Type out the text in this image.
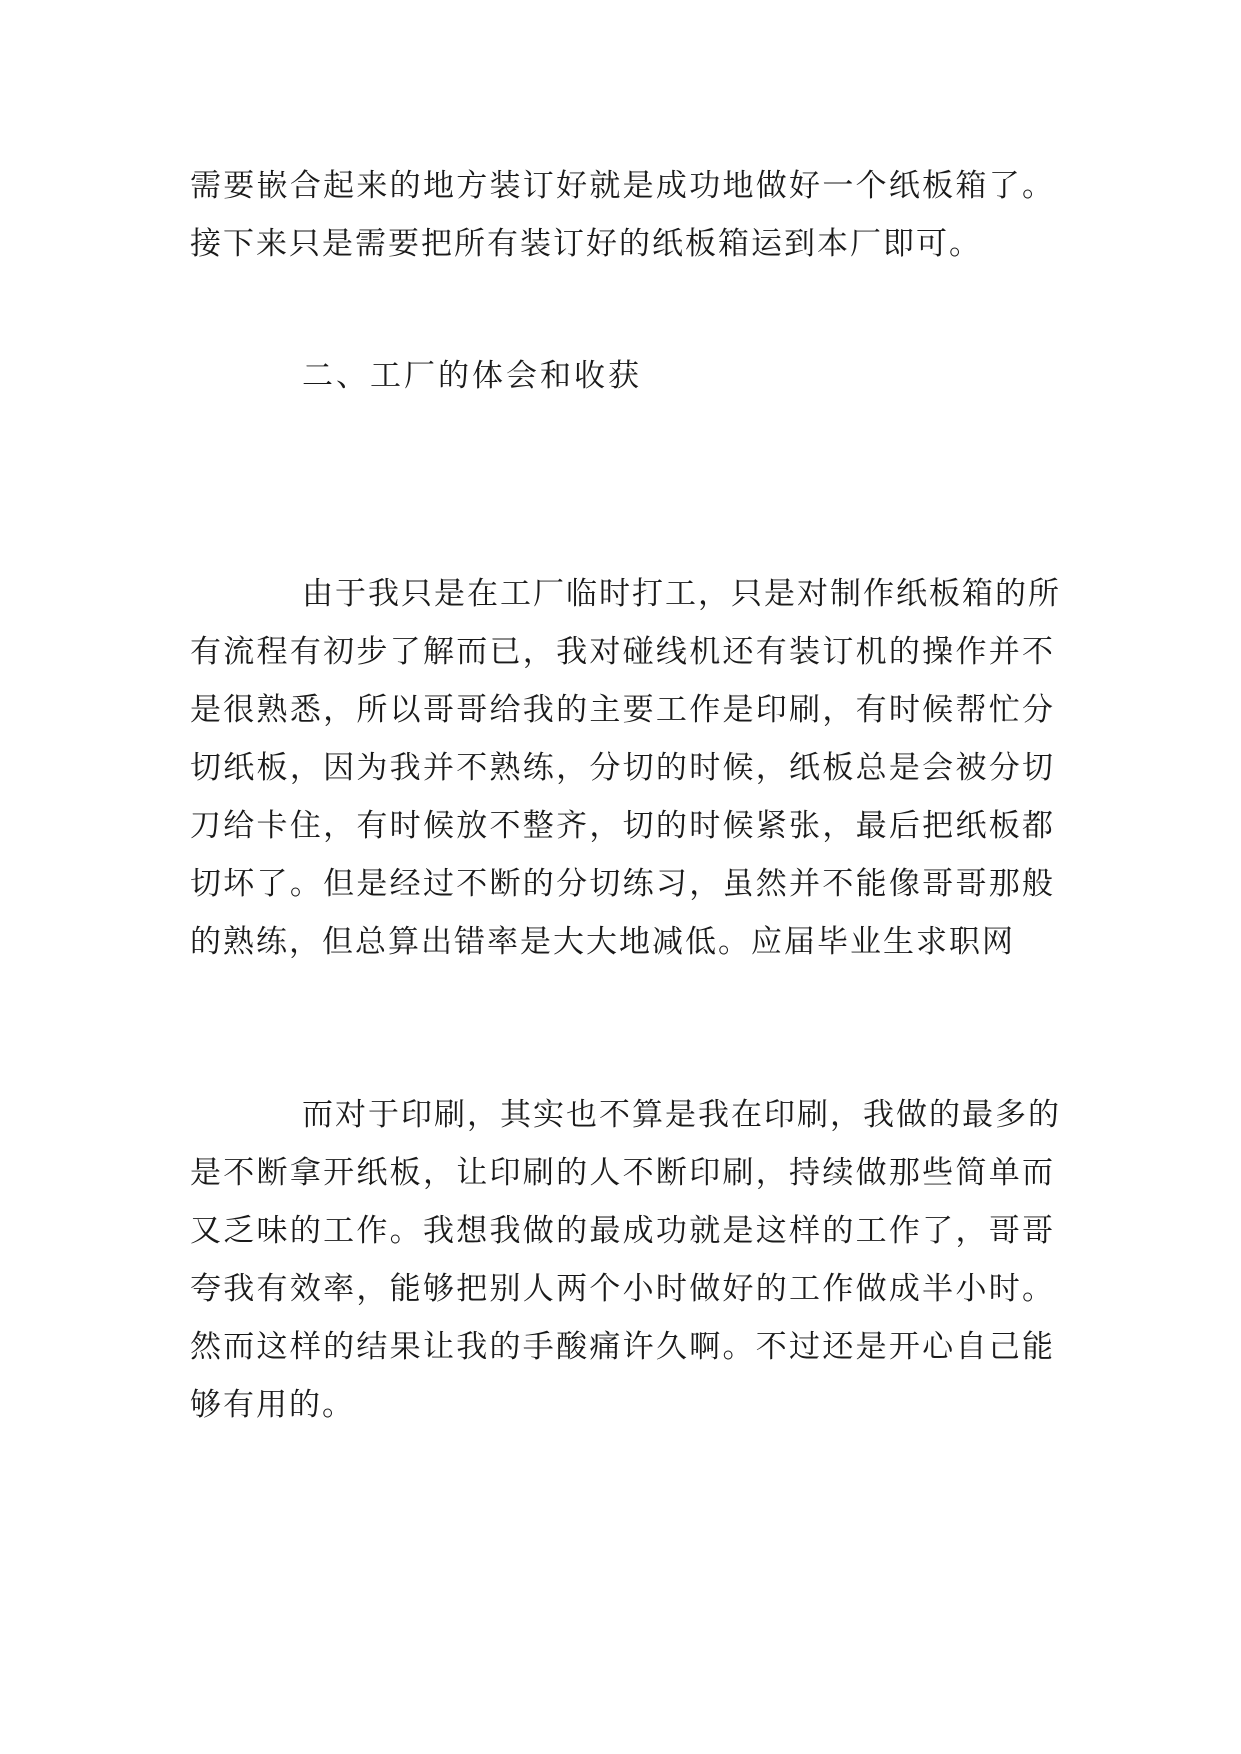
需要嵌合起来的地方装订好就是成功地做好一个纸板箱了。

接下来只是需要把所有装订好的纸板箱运到本厂即可。

二、工厂的体会和收获

由于我只是在工厂临时打工，只是对制作纸板箱的所

有流程有初步了解而已，我对碰线机还有装订机的操作并不

是很熟悉，所以哥哥给我的主要工作是印刷，有时候帮忙分

切纸板，因为我并不熟练，分切的时候，纸板总是会被分切

刀给卡住，有时候放不整齐，切的时候紧张，最后把纸板都

切坏了。但是经过不断的分切练习，虽然并不能像哥哥那般

的熟练，但总算出错率是大大地减低。应届毕业生求职网

而对于印刷，其实也不算是我在印刷，我做的最多的

是不断拿开纸板，让印刷的人不断印刷，持续做那些简单而

又乏味的工作。我想我做的最成功就是这样的工作了，哥哥

夸我有效率，能够把别人两个小时做好的工作做成半小时。

然而这样的结果让我的手酸痛许久啊。不过还是开心自己能

够有用的。
